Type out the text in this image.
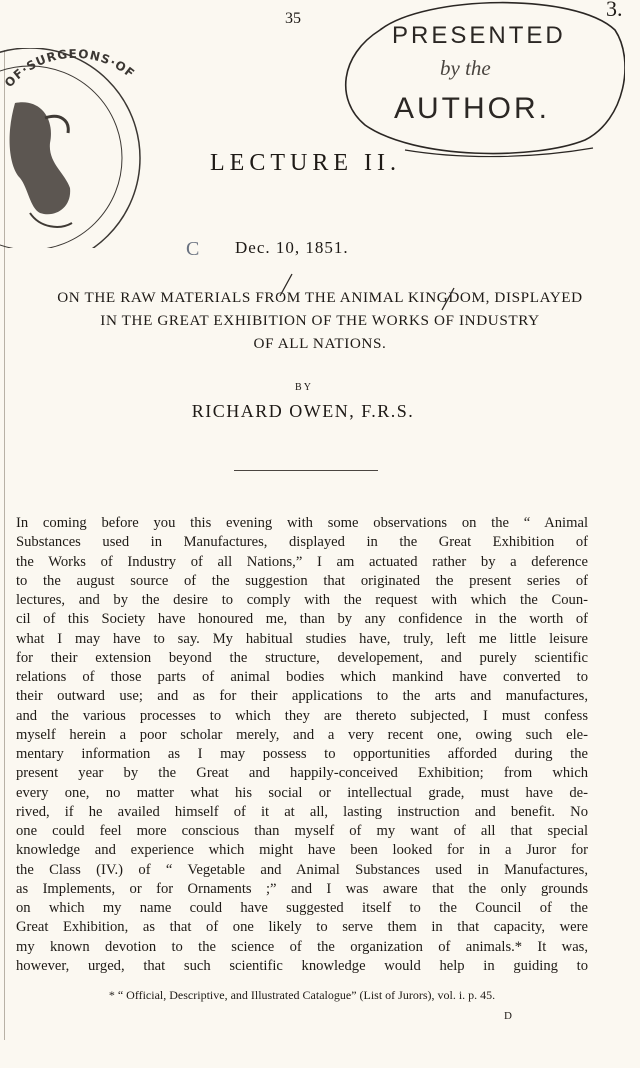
35	3.
PRESENTED
by the
AUTHOR.
OF·SURGEONS·OF
LECTURE II.
C Dec. 10, 1851.
ON THE RAW MATERIALS FROM THE ANIMAL KINGDOM, DISPLAYED
IN THE GREAT EXHIBITION OF THE WORKS OF INDUSTRY
OF ALL NATIONS.
BY
RICHARD OWEN, F.R.S.
In coming before you this evening with some observations on the “ Animal
Substances used in Manufactures, displayed in the Great Exhibition of
the Works of Industry of all Nations,” I am actuated rather by a deference
to the august source of the suggestion that originated the present series of
lectures, and by the desire to comply with the request with which the Coun-
cil of this Society have honoured me, than by any confidence in the worth of
what I may have to say. My habitual studies have, truly, left me little leisure
for their extension beyond the structure, developement, and purely scientific
relations of those parts of animal bodies which mankind have converted to
their outward use; and as for their applications to the arts and manufactures,
and the various processes to which they are thereto subjected, I must confess
myself herein a poor scholar merely, and a very recent one, owing such ele-
mentary information as I may possess to opportunities afforded during the
present year by the Great and happily-conceived Exhibition; from which
every one, no matter what his social or intellectual grade, must have de-
rived, if he availed himself of it at all, lasting instruction and benefit. No
one could feel more conscious than myself of my want of all that special
knowledge and experience which might have been looked for in a Juror for
the Class (IV.) of “ Vegetable and Animal Substances used in Manufactures,
as Implements, or for Ornaments ;” and I was aware that the only grounds
on which my name could have suggested itself to the Council of the
Great Exhibition, as that of one likely to serve them in that capacity, were
my known devotion to the science of the organization of animals.* It was,
however, urged, that such scientific knowledge would help in guiding to
* “ Official, Descriptive, and Illustrated Catalogue” (List of Jurors), vol. i. p. 45.
D
